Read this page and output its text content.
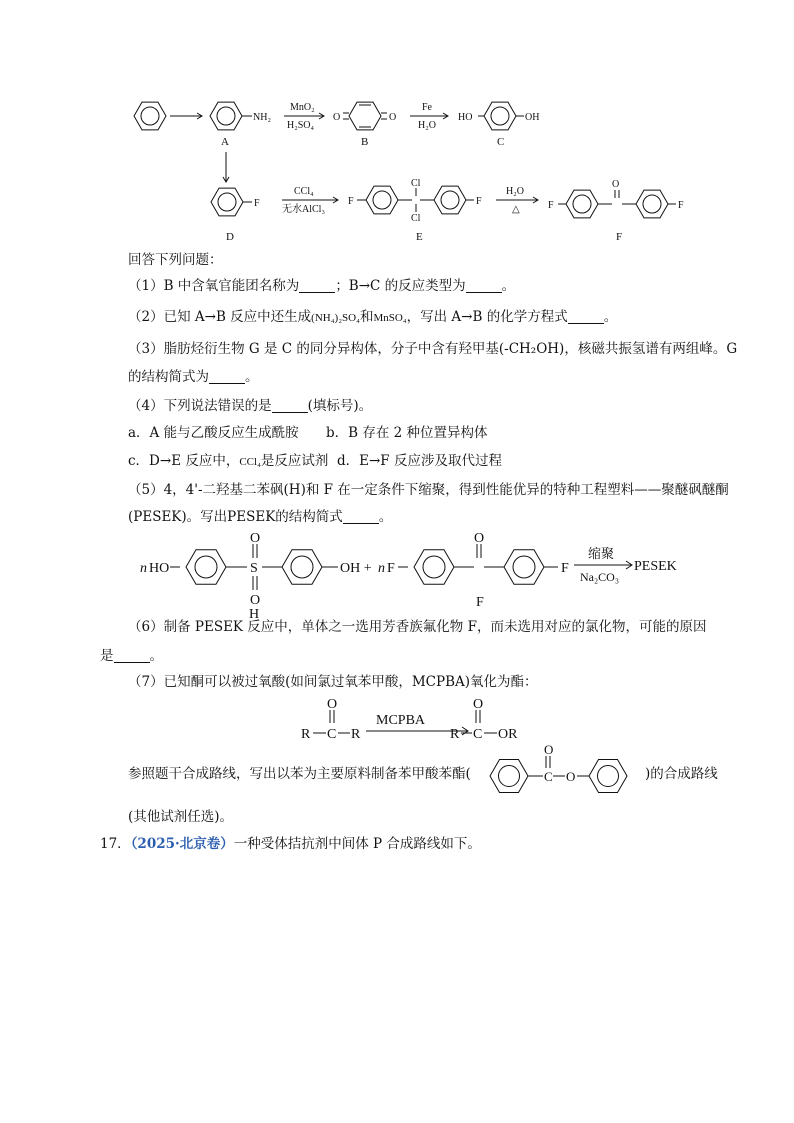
NH₂
MnO₂
H₂SO₄
O	O
Fe
H₂O
HO	OH
A	B	C
F
CCl₄
无水AlCl₃
F
Cl
Cl
F
H₂O
△	F
O
F
D	E	F
回答下列问题：
（1）B 中含氧官能团名称为	；B→C 的反应类型为	。
（2）已知 A→B 反应中还生成(NH₄)₂SO₄和MnSO₄，写出 A→B 的化学方程式	。
（3）脂肪烃衍生物 G 是 C 的同分异构体，分子中含有羟甲基(-CH₂OH)，核磁共振氢谱有两组峰。G
的结构简式为	。
（4）下列说法错误的是	(填标号)。
a．A 能与乙酸反应生成酰胺 b．B 存在 2 种位置异构体
c．D→E 反应中，CCl₄是反应试剂 d．E→F 反应涉及取代过程
（5）4，4'-二羟基二苯砜(H)和 F 在一定条件下缩聚，得到性能优异的特种工程塑料——聚醚砜醚酮
(PESEK)。写出PESEK的结构简式	。
n HO	S
O
O
H
OH + n F
O
F
缩聚
Na₂CO₃
PESEK
F
（6）制备 PESEK 反应中，单体之一选用芳香族氟化物 F，而未选用对应的氯化物，可能的原因
是	。
（7）已知酮可以被过氧酸(如间氯过氧苯甲酸，MCPBA)氧化为酯：
R C R
O
MCPBA
R C OR
O
参照题干合成路线，写出以苯为主要原料制备苯甲酸苯酯(	C
O
O	)的合成路线
(其他试剂任选)。
17．（2025·北京卷）一种受体拮抗剂中间体 P 合成路线如下。
